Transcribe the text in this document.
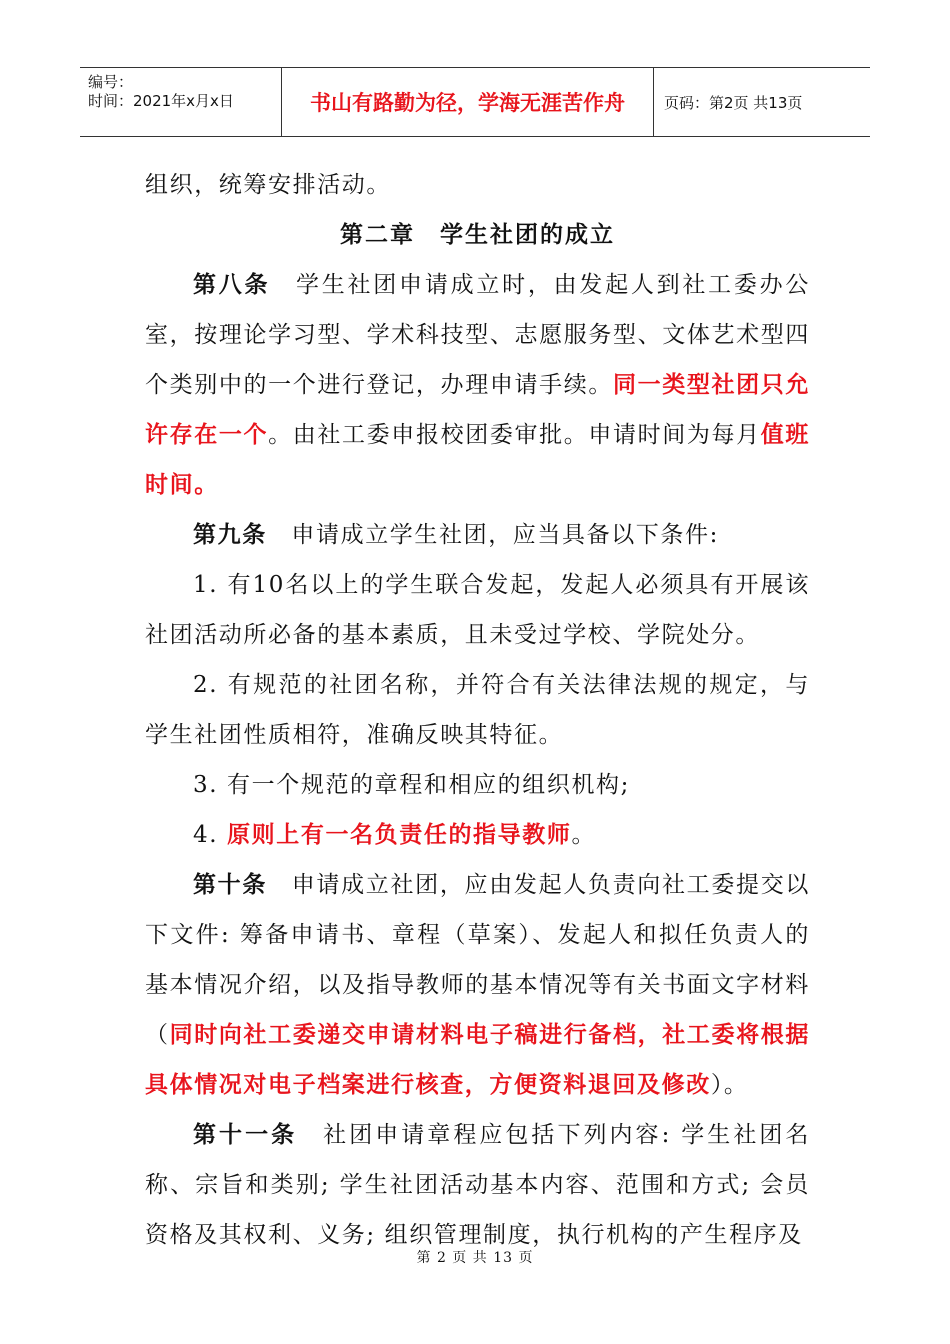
编号：
时间：2021年x月x日	书山有路勤为径，学海无涯苦作舟	页码：第2页 共13页

组织，统筹安排活动。

第二章　学生社团的成立

第八条　学生社团申请成立时，由发起人到社工委办公室，按理论学习型、学术科技型、志愿服务型、文体艺术型四个类别中的一个进行登记，办理申请手续。同一类型社团只允许存在一个。由社工委申报校团委审批。申请时间为每月值班时间。

第九条　申请成立学生社团，应当具备以下条件:

1. 有10名以上的学生联合发起，发起人必须具有开展该社团活动所必备的基本素质，且未受过学校、学院处分。

2. 有规范的社团名称，并符合有关法律法规的规定，与学生社团性质相符，准确反映其特征。

3. 有一个规范的章程和相应的组织机构;

4. 原则上有一名负责任的指导教师。

第十条　申请成立社团，应由发起人负责向社工委提交以下文件: 筹备申请书、章程（草案）、发起人和拟任负责人的基本情况介绍，以及指导教师的基本情况等有关书面文字材料（同时向社工委递交申请材料电子稿进行备档，社工委将根据具体情况对电子档案进行核查，方便资料退回及修改）。

第十一条　社团申请章程应包括下列内容: 学生社团名称、宗旨和类别; 学生社团活动基本内容、范围和方式; 会员资格及其权利、义务; 组织管理制度，执行机构的产生程序及

第 2 页 共 13 页
